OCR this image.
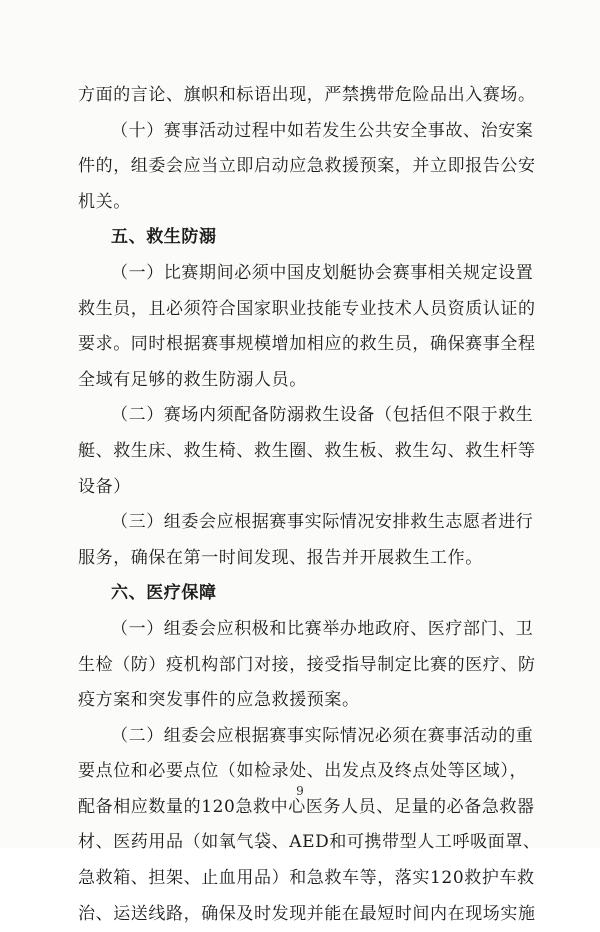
方面的言论、旗帜和标语出现，严禁携带危险品出入赛场。
（十）赛事活动过程中如若发生公共安全事故、治安案
件的，组委会应当立即启动应急救援预案，并立即报告公安
机关。
五、救生防溺
（一）比赛期间必须中国皮划艇协会赛事相关规定设置
救生员，且必须符合国家职业技能专业技术人员资质认证的
要求。同时根据赛事规模增加相应的救生员，确保赛事全程
全域有足够的救生防溺人员。
（二）赛场内须配备防溺救生设备（包括但不限于救生
艇、救生床、救生椅、救生圈、救生板、救生勾、救生杆等
设备）
（三）组委会应根据赛事实际情况安排救生志愿者进行
服务，确保在第一时间发现、报告并开展救生工作。
六、医疗保障
（一）组委会应积极和比赛举办地政府、医疗部门、卫
生检（防）疫机构部门对接，接受指导制定比赛的医疗、防
疫方案和突发事件的应急救援预案。
（二）组委会应根据赛事实际情况必须在赛事活动的重
要点位和必要点位（如检录处、出发点及终点处等区域），
配备相应数量的120急救中心医务人员、足量的必备急救器
材、医药用品（如氧气袋、AED和可携带型人工呼吸面罩、
急救箱、担架、止血用品）和急救车等，落实120救护车救
治、运送线路，确保及时发现并能在最短时间内在现场实施
9
